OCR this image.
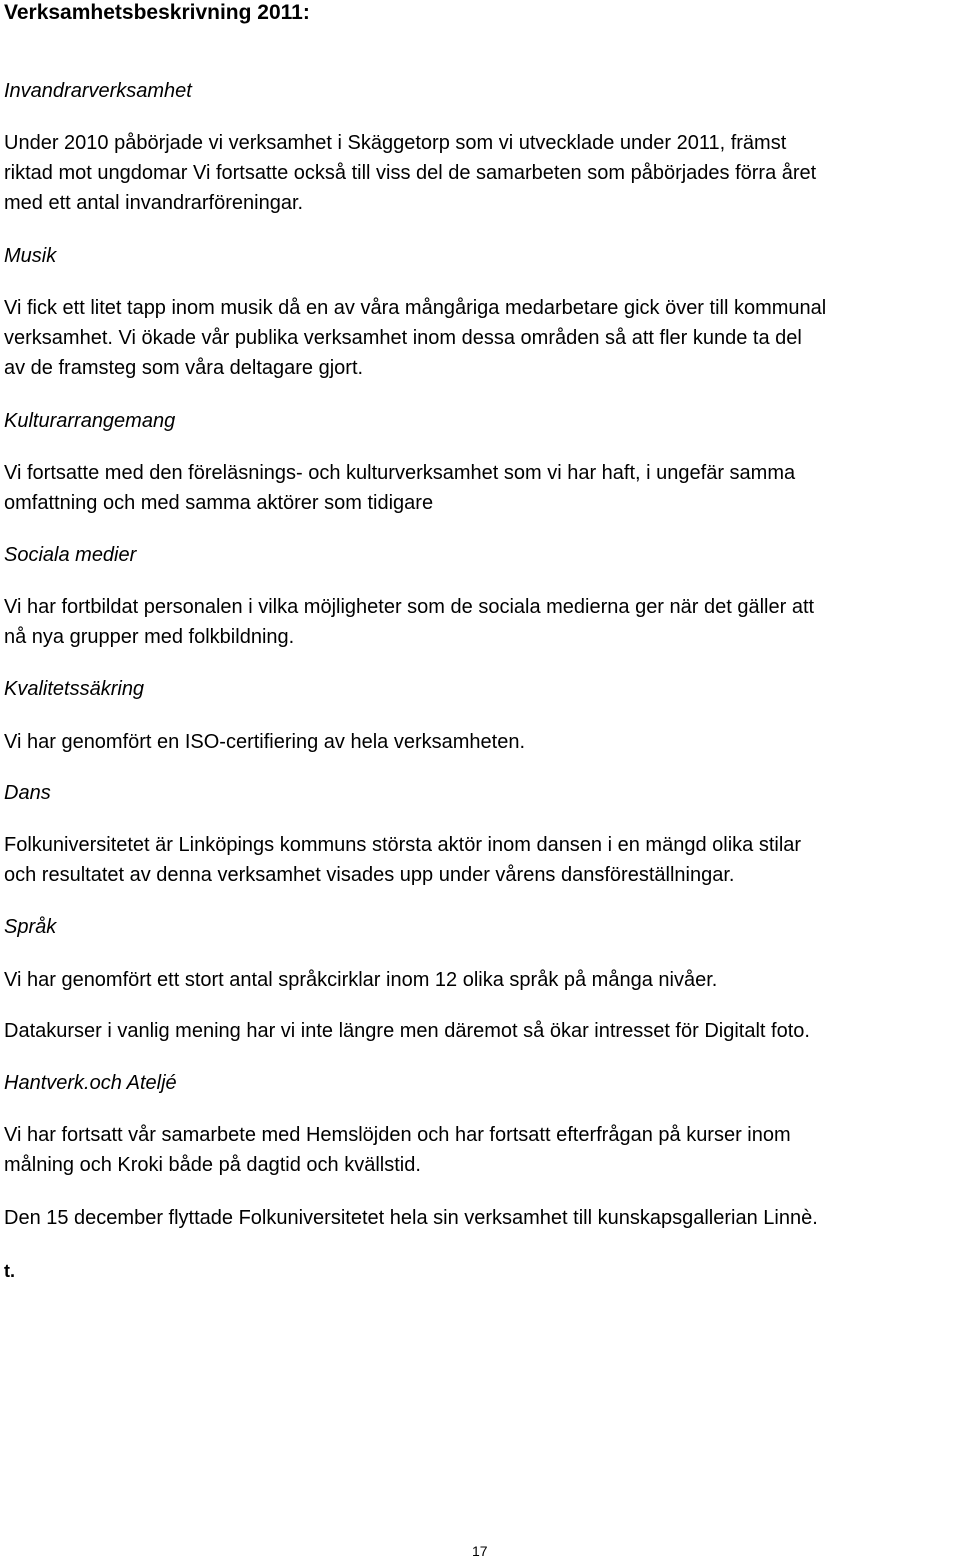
Verksamhetsbeskrivning 2011:
Invandrarverksamhet
Under 2010 påbörjade vi verksamhet i Skäggetorp som vi utvecklade under 2011, främst
riktad mot ungdomar Vi fortsatte också till viss del de samarbeten som påbörjades förra året
med ett antal invandrarföreningar.
Musik
Vi fick ett litet tapp inom musik då en av våra mångåriga medarbetare gick över till kommunal
verksamhet. Vi ökade vår publika verksamhet inom dessa områden så att fler kunde ta del
av de framsteg som våra deltagare gjort.
Kulturarrangemang
Vi fortsatte med den föreläsnings- och kulturverksamhet som vi har haft, i ungefär samma
omfattning och med samma aktörer som tidigare
Sociala medier
Vi har fortbildat personalen i vilka möjligheter som de sociala medierna ger när det gäller att
nå nya grupper med folkbildning.
Kvalitetssäkring
Vi har genomfört en ISO-certifiering av hela verksamheten.
Dans
Folkuniversitetet är Linköpings kommuns största aktör inom dansen i en mängd olika stilar
och resultatet av denna verksamhet visades upp under vårens dansföreställningar.
Språk
Vi har genomfört ett stort antal språkcirklar inom 12 olika språk på många nivåer.
Datakurser i vanlig mening har vi inte längre men däremot så ökar intresset för Digitalt foto.
Hantverk.och Ateljé
Vi har fortsatt vår samarbete med Hemslöjden och har fortsatt efterfrågan på kurser inom
målning och Kroki både på dagtid och kvällstid.
Den 15 december flyttade Folkuniversitetet hela sin verksamhet till kunskapsgallerian Linnè.
t.
17
